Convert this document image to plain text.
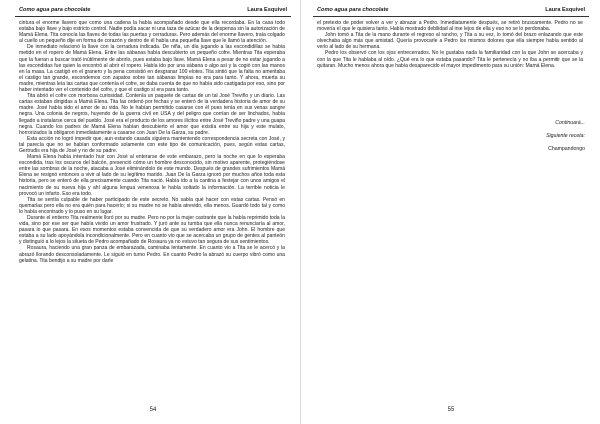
Como agua para chocolate	Laura Esquivel

cintura el enorme llavero que como una cadena la había acompañado desde que ella recordaba. En la casa todo estaba bajo llave y bajo estricto control. Nadie podía sacar ni una taza de azúcar de la despensa sin la autorización de Mamá Elena. Tita conocía las llaves de todas las puertas y cerraduras. Pero además del enorme llavero, traía colgado al cuello un pequeño dije en forma de corazón y dentro de él había una pequeña llave que le llamó la atención.

De inmediato relacionó la llave con la cerradura indicada. De niña, un día jugando a las escondidillas se había metido en el ropero de Mamá Elena. Entre las sábanas había descubierto un pequeño cofre. Mientras Tita esperaba que la fueran a buscar trató inútilmente de abrirlo, pues estaba bajo llave. Mamá Elena a pesar de no estar jugando a las escondidas fue quien la encontró al abrir el ropero. Había ido por una sábana o algo así y la cogió con las manos en la masa. La castigó en el granero y la pena consistió en desgranar 100 elotes. Tita sintió que la falta no ameritaba el castigo tan grande, escondemos con zapatos sobre tan sábanas limpias no era para tanto. Y ahora, muerta su madre, mientras leía las cartas que contenía el cofre, se daba cuenta de que no había sido castigada por eso, sino por haber intentado ver el contenido del cofre, y que el castigo sí era para tanto.

Tita abrió el cofre con morbosa curiosidad. Contenía un paquete de cartas de un tal José Treviño y un diario. Las cartas estaban dirigidas a Mamá Elena. Tita las ordenó por fechas y se enteró de la verdadera historia de amor de su madre. José había sido el amor de su vida. No le habían permitido casarse con él pues tenía en sus venas sangre negra. Una colonia de negros, huyendo de la guerra civil en USA y del peligro que corrían de ser linchados, había llegado a instalarse cerca del pueblo. José era el producto de los amores ilícitos entre José Treviño padre y una guapa negra. Cuando los padres de Mamá Elena habían descubierto el amor que existía entre su hija y este mulato, horrorizados la obligaron inmediatamente a casarse con Juan De la Garza, su padre.

Esta acción no logró impedir que, aun estando casada siguiera manteniendo correspondencia secreta con José, y tal parecía que no se habían conformado solamente con este tipo de comunicación, pues, según estas cartas, Gertrudis era hija de José y no de su padre.

Mamá Elena había intentado huir con José al enterarse de este embarazo, pero la noche en que lo esperaba escondida, tras los oscuros del balcón, presenció cómo un hombre desconocido, sin motivo aparente, protegiéndose entre las sombras de la noche, atacaba a José eliminándolo de este mundo. Después de grandes sufrimientos Mamá Elena se resignó entonces a vivir al lado de su legítimo marido. Juan De la Garza ignoró por muchos años toda esta historia, pero se enteró de ella precisamente cuando Tita nació. Había ido a la cantina a festejar con unos amigos el nacimiento de su nueva hija y ahí alguna lengua venenosa le había soltado la información. La terrible noticia le provocó un infarto. Eso era todo.

Tita se sentía culpable de haber participado de este secreto. No sabía qué hacer con estas cartas. Pensó en quemarlas pero ella no era quién para hacerlo; si su madre no se había atrevido, ella menos. Guardó todo tal y como lo había encontrado y lo puso en su lugar.

Durante el entierro Tita realmente lloró por su madre. Pero no por la mujer castrante que la había reprimido toda la vida, sino por ese ser que había vivido un amor frustrado. Y juró ante su tumba que ella nunca renunciaría al amor, pasara lo que pasara. En esos momentos estaba convencida de que su verdadero amor era John. El hombre que estaba a su lado apoyándola incondicionalmente. Pero en cuanto vio que se acercaba un grupo de gentes al panteón y distinguió a lo lejos la silueta de Pedro acompañado de Rosaura ya no estuvo tan segura de sus sentimientos.

Rosaura, haciendo una gran panza de embarazada, caminaba lentamente. En cuanto vio a Tita se le acercó y la abrazó llorando desconsoladamente. Le siguió en turno Pedro. En cuanto Pedro la abrazó su cuerpo vibró como una gelatina. Tita bendijo a su madre por darle

54
Como agua para chocolate	Laura Esquivel

el pretexto de poder volver a ver y abrazar a Pedro. Inmediatamente después, se retiró bruscamente. Pedro no se movería el que le quisiera tanto. Había mostrado debilidad al irse lejos de ella y eso no se lo perdonaba.

John tomó a Tita de la mano durante el regreso al rancho, y Tita a su vez, lo tomó del brazo enlazando que este olvechaba algo más que amistad. Quería provocarle a Pedro los mismos dolores que ella siempre había sentido al verlo al lado de su hermana.

Pedro los observó con los ojos entrecerrados. No le gustaba nada la familiaridad con la que John se acercaba y con la que Tita le hablaba al oído. ¿Qué era lo que estaba pasando? Tita le pertenecía y no iba a permitir que se la quitaran. Mucho menos ahora que había desaparecido el mayor impedimento para su unión: Mamá Elena.

Continuará...
Siguiente receta:
Champandongo
55
